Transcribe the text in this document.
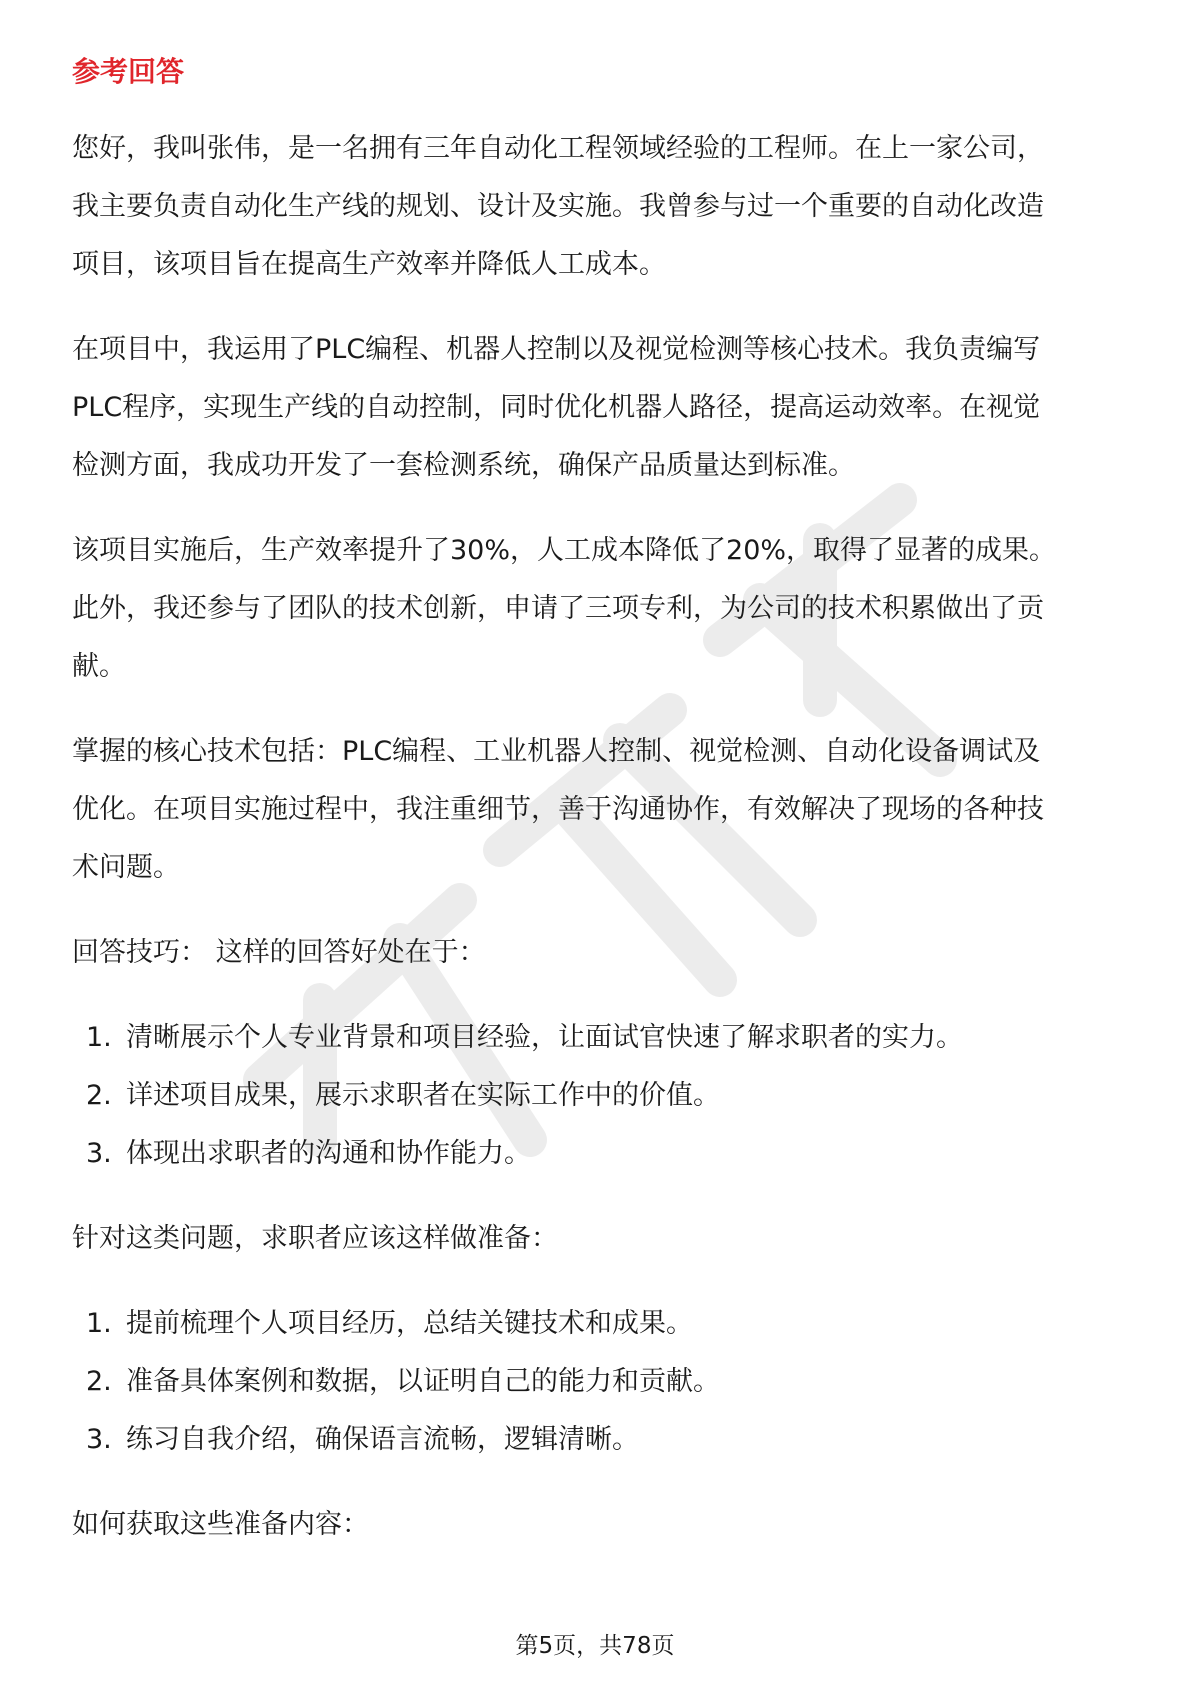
参考回答

您好，我叫张伟，是一名拥有三年自动化工程领域经验的工程师。在上一家公司，
我主要负责自动化生产线的规划、设计及实施。我曾参与过一个重要的自动化改造
项目，该项目旨在提高生产效率并降低人工成本。

在项目中，我运用了PLC编程、机器人控制以及视觉检测等核心技术。我负责编写
PLC程序，实现生产线的自动控制，同时优化机器人路径，提高运动效率。在视觉
检测方面，我成功开发了一套检测系统，确保产品质量达到标准。

该项目实施后，生产效率提升了30%，人工成本降低了20%，取得了显著的成果。
此外，我还参与了团队的技术创新，申请了三项专利，为公司的技术积累做出了贡
献。

掌握的核心技术包括：PLC编程、工业机器人控制、视觉检测、自动化设备调试及
优化。在项目实施过程中，我注重细节，善于沟通协作，有效解决了现场的各种技
术问题。

回答技巧： 这样的回答好处在于：

1. 清晰展示个人专业背景和项目经验，让面试官快速了解求职者的实力。
2. 详述项目成果，展示求职者在实际工作中的价值。
3. 体现出求职者的沟通和协作能力。

针对这类问题，求职者应该这样做准备：

1. 提前梳理个人项目经历，总结关键技术和成果。
2. 准备具体案例和数据，以证明自己的能力和贡献。
3. 练习自我介绍，确保语言流畅，逻辑清晰。

如何获取这些准备内容：

第5页，共78页
